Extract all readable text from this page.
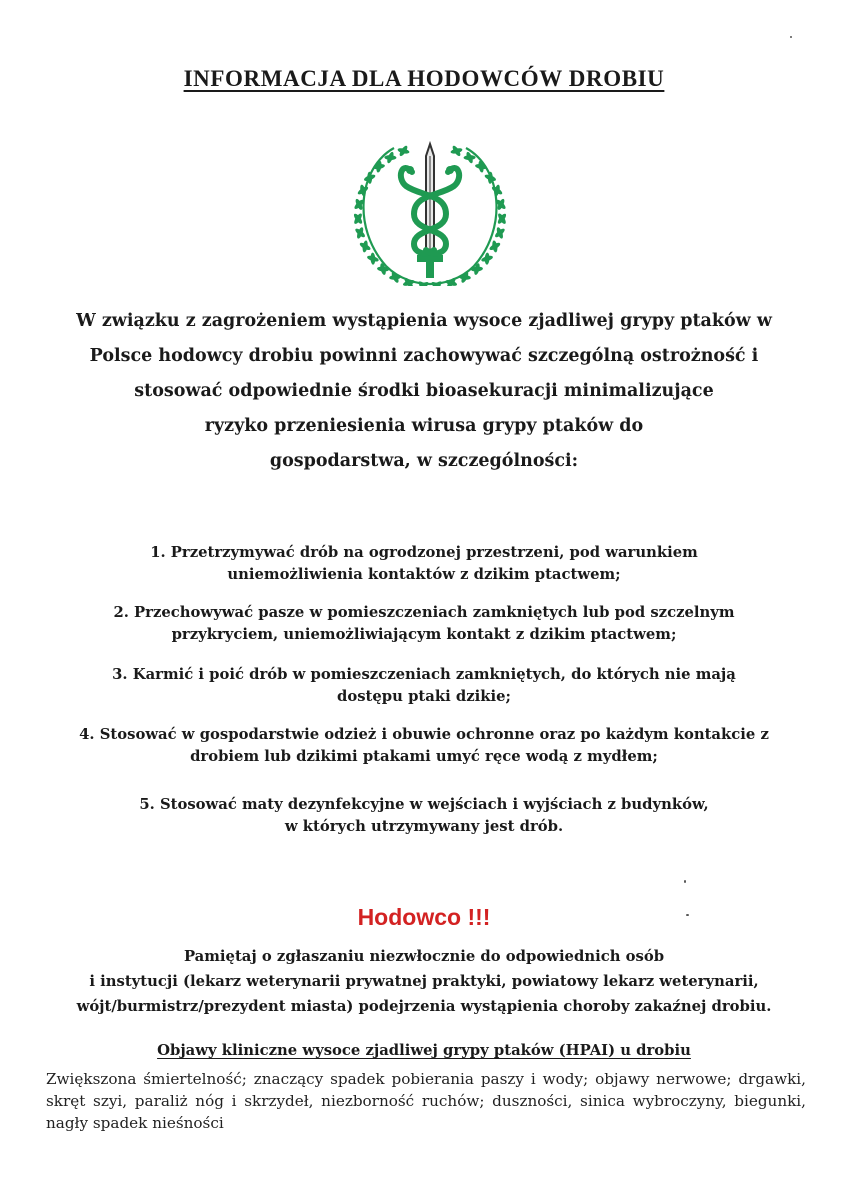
INFORMACJA DLA HODOWCÓW DROBIU
W związku z zagrożeniem wystąpienia wysoce zjadliwej grypy ptaków w
Polsce hodowcy drobiu powinni zachowywać szczególną ostrożność i
stosować odpowiednie środki bioasekuracji minimalizujące
ryzyko przeniesienia wirusa grypy ptaków do
gospodarstwa, w szczególności:
1. Przetrzymywać drób na ogrodzonej przestrzeni, pod warunkiem
uniemożliwienia kontaktów z dzikim ptactwem;
2. Przechowywać pasze w pomieszczeniach zamkniętych lub pod szczelnym
przykryciem, uniemożliwiającym kontakt z dzikim ptactwem;
3. Karmić i poić drób w pomieszczeniach zamkniętych, do których nie mają
dostępu ptaki dzikie;
4. Stosować w gospodarstwie odzież i obuwie ochronne oraz po każdym kontakcie z
drobiem lub dzikimi ptakami umyć ręce wodą z mydłem;
5. Stosować maty dezynfekcyjne w wejściach i wyjściach z budynków,
w których utrzymywany jest drób.
Hodowco !!!
Pamiętaj o zgłaszaniu niezwłocznie do odpowiednich osób
i instytucji (lekarz weterynarii prywatnej praktyki, powiatowy lekarz weterynarii,
wójt/burmistrz/prezydent miasta) podejrzenia wystąpienia choroby zakaźnej drobiu.
Objawy kliniczne wysoce zjadliwej grypy ptaków (HPAI) u drobiu
Zwiększona śmiertelność; znaczący spadek pobierania paszy i wody; objawy nerwowe; drgawki, skręt szyi, paraliż nóg i skrzydeł, niezborność ruchów; duszności, sinica wybroczyny, biegunki, nagły spadek nieśności
